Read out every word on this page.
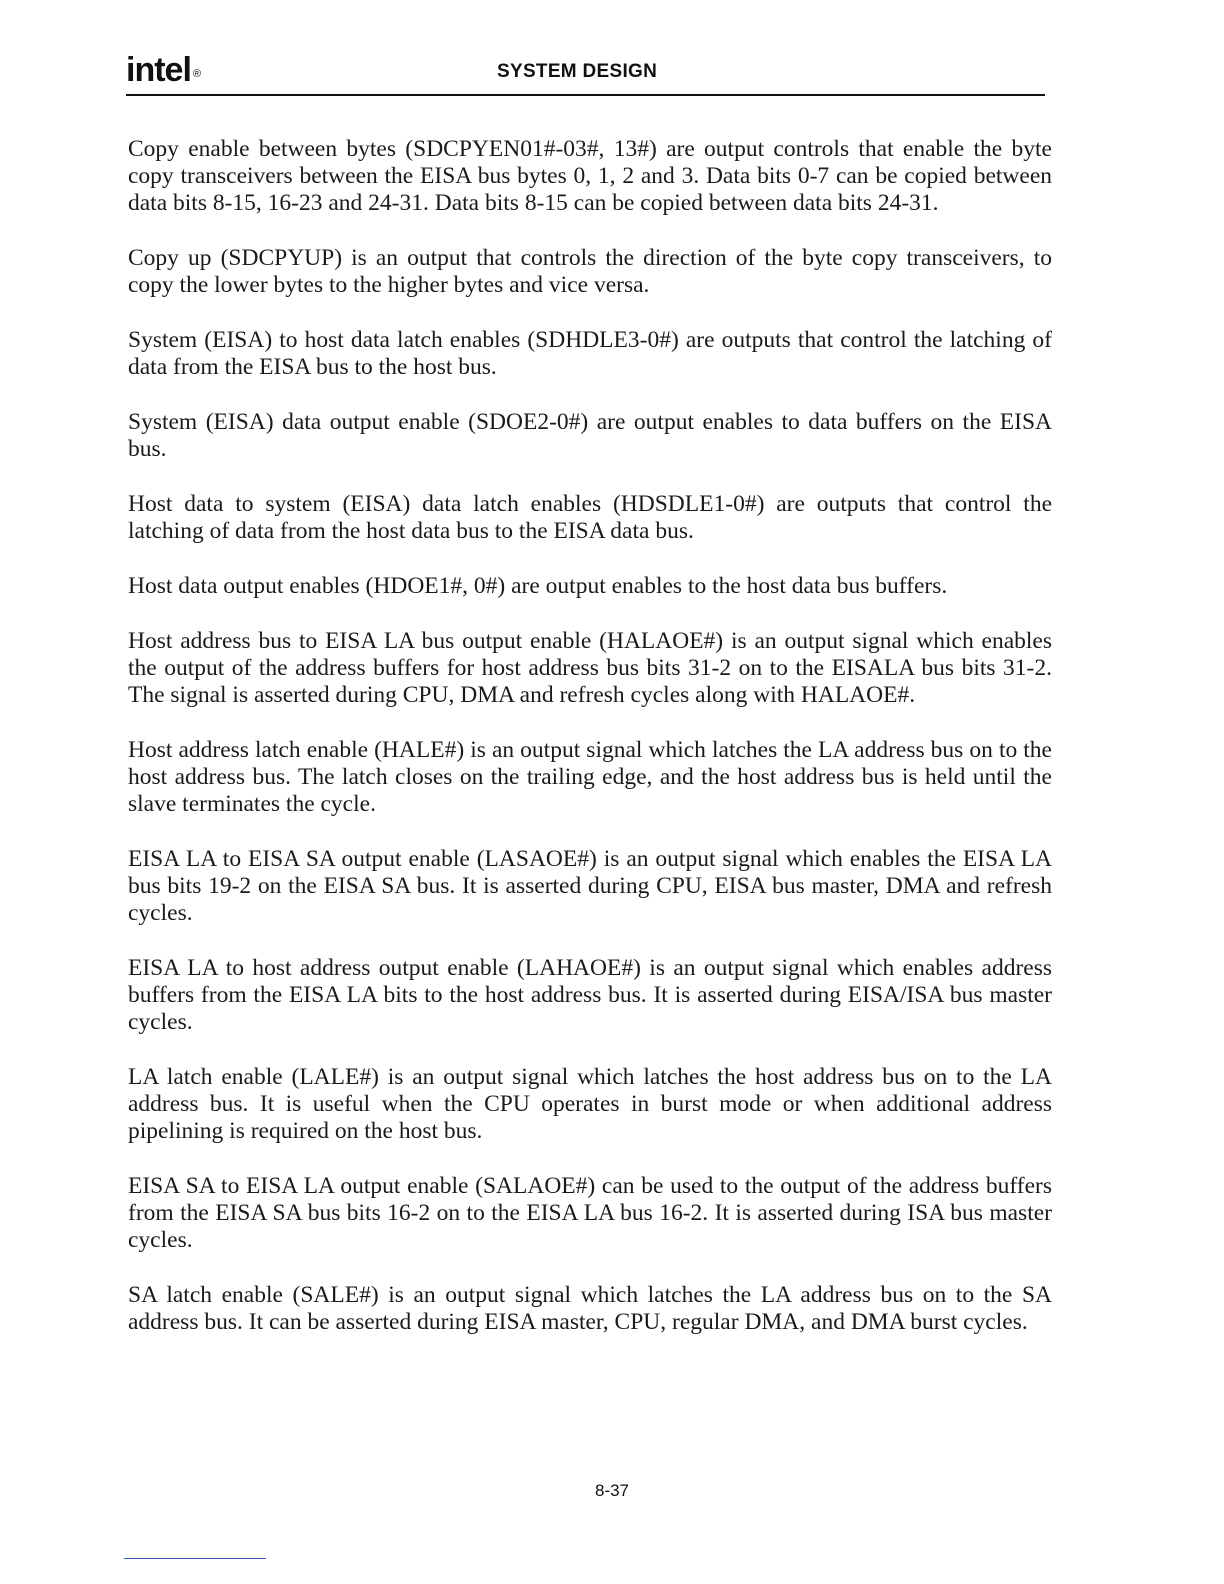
intel ®	SYSTEM DESIGN

Copy enable between bytes (SDCPYEN01#-03#, 13#) are output controls that enable the byte copy transceivers between the EISA bus bytes 0, 1, 2 and 3. Data bits 0-7 can be copied between data bits 8-15, 16-23 and 24-31. Data bits 8-15 can be copied between data bits 24-31.

Copy up (SDCPYUP) is an output that controls the direction of the byte copy transceivers, to copy the lower bytes to the higher bytes and vice versa.

System (EISA) to host data latch enables (SDHDLE3-0#) are outputs that control the latching of data from the EISA bus to the host bus.

System (EISA) data output enable (SDOE2-0#) are output enables to data buffers on the EISA bus.

Host data to system (EISA) data latch enables (HDSDLE1-0#) are outputs that control the latching of data from the host data bus to the EISA data bus.

Host data output enables (HDOE1#, 0#) are output enables to the host data bus buffers.

Host address bus to EISA LA bus output enable (HALAOE#) is an output signal which enables the output of the address buffers for host address bus bits 31-2 on to the EISALA bus bits 31-2. The signal is asserted during CPU, DMA and refresh cycles along with HALAOE#.

Host address latch enable (HALE#) is an output signal which latches the LA address bus on to the host address bus. The latch closes on the trailing edge, and the host address bus is held until the slave terminates the cycle.

EISA LA to EISA SA output enable (LASAOE#) is an output signal which enables the EISA LA bus bits 19-2 on the EISA SA bus. It is asserted during CPU, EISA bus master, DMA and refresh cycles.

EISA LA to host address output enable (LAHAOE#) is an output signal which enables address buffers from the EISA LA bits to the host address bus. It is asserted during EISA/ISA bus master cycles.

LA latch enable (LALE#) is an output signal which latches the host address bus on to the LA address bus. It is useful when the CPU operates in burst mode or when additional address pipelining is required on the host bus.

EISA SA to EISA LA output enable (SALAOE#) can be used to the output of the address buffers from the EISA SA bus bits 16-2 on to the EISA LA bus 16-2. It is asserted during ISA bus master cycles.

SA latch enable (SALE#) is an output signal which latches the LA address bus on to the SA address bus. It can be asserted during EISA master, CPU, regular DMA, and DMA burst cycles.

8-37
